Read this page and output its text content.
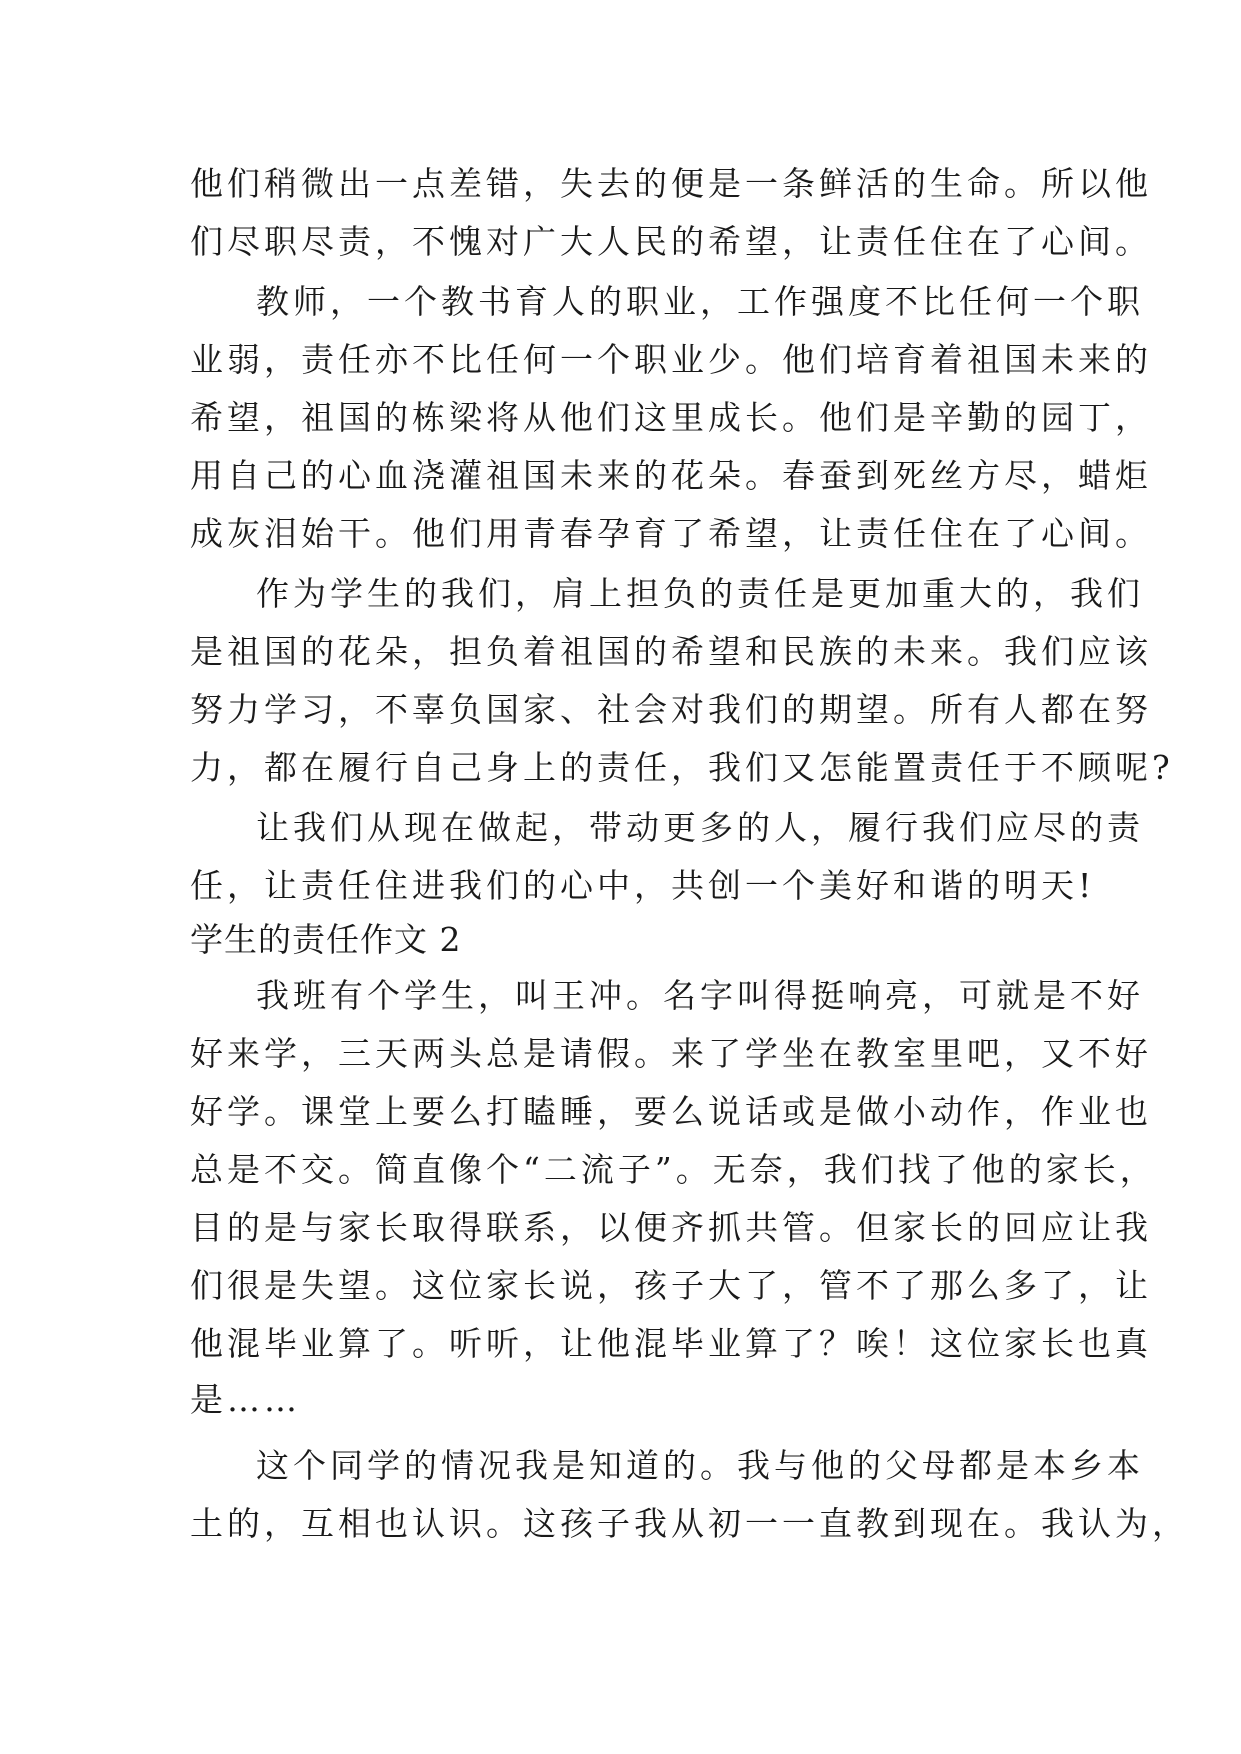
他们稍微出一点差错，失去的便是一条鲜活的生命。所以他
们尽职尽责，不愧对广大人民的希望，让责任住在了心间。
教师，一个教书育人的职业，工作强度不比任何一个职
业弱，责任亦不比任何一个职业少。他们培育着祖国未来的
希望，祖国的栋梁将从他们这里成长。他们是辛勤的园丁，
用自己的心血浇灌祖国未来的花朵。春蚕到死丝方尽，蜡炬
成灰泪始干。他们用青春孕育了希望，让责任住在了心间。
作为学生的我们，肩上担负的责任是更加重大的，我们
是祖国的花朵，担负着祖国的希望和民族的未来。我们应该
努力学习，不辜负国家、社会对我们的期望。所有人都在努
力，都在履行自己身上的责任，我们又怎能置责任于不顾呢?
让我们从现在做起，带动更多的人，履行我们应尽的责
任，让责任住进我们的心中，共创一个美好和谐的明天!
学生的责任作文 2
我班有个学生，叫王冲。名字叫得挺响亮，可就是不好
好来学，三天两头总是请假。来了学坐在教室里吧，又不好
好学。课堂上要么打瞌睡，要么说话或是做小动作，作业也
总是不交。简直像个“二流子”。无奈，我们找了他的家长，
目的是与家长取得联系，以便齐抓共管。但家长的回应让我
们很是失望。这位家长说，孩子大了，管不了那么多了，让
他混毕业算了。听听，让他混毕业算了？唉！这位家长也真
是……
这个同学的情况我是知道的。我与他的父母都是本乡本
土的，互相也认识。这孩子我从初一一直教到现在。我认为，
